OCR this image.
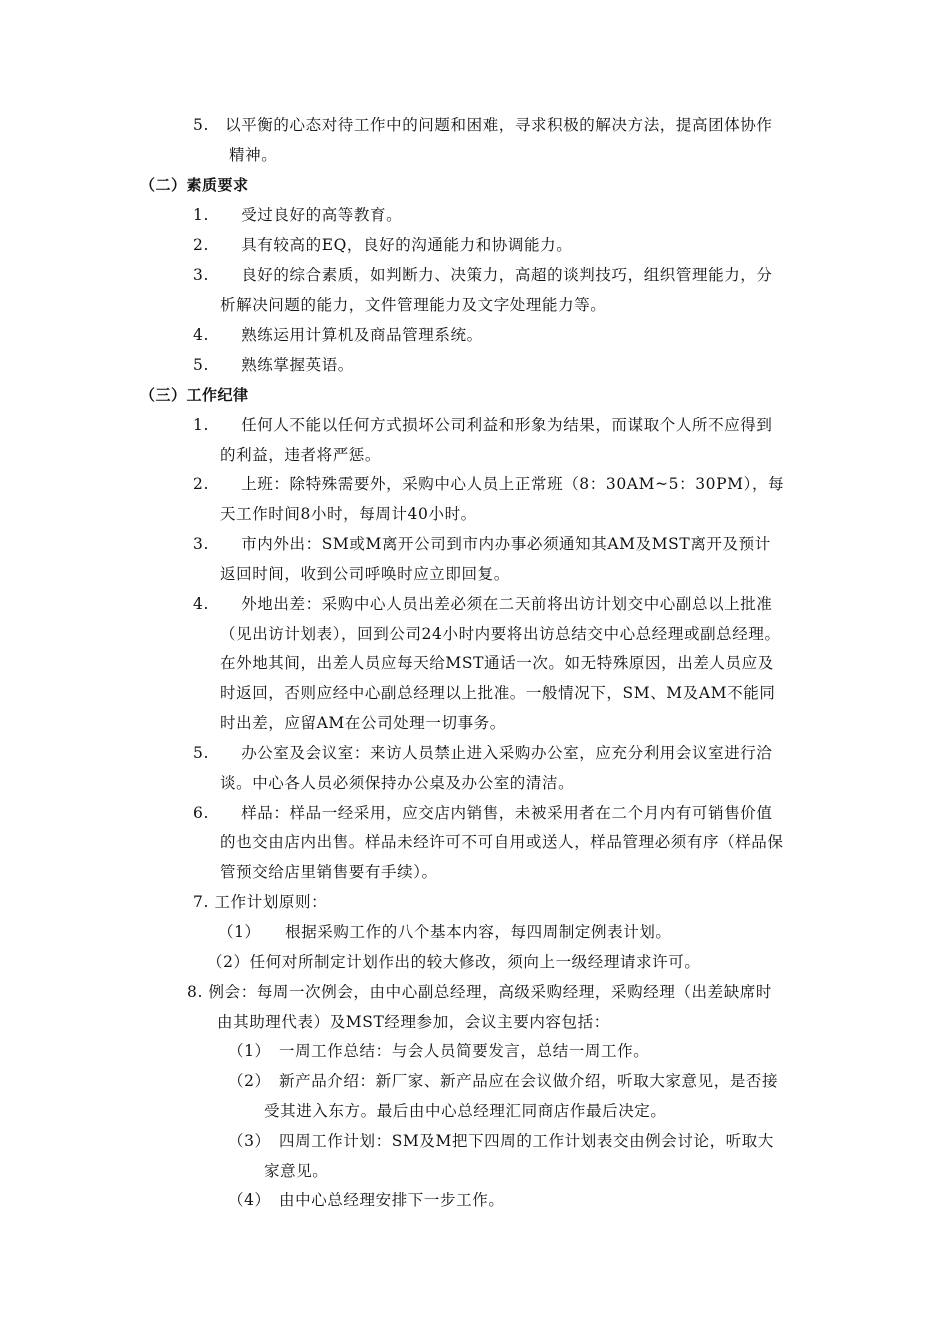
5.　以平衡的心态对待工作中的问题和困难，寻求积极的解决方法，提高团体协作
精神。
（二）素质要求
1.　　受过良好的高等教育。
2.　　具有较高的EQ，良好的沟通能力和协调能力。
3.　　良好的综合素质，如判断力、决策力，高超的谈判技巧，组织管理能力，分
析解决问题的能力，文件管理能力及文字处理能力等。
4.　　熟练运用计算机及商品管理系统。
5.　　熟练掌握英语。
（三）工作纪律
1.　　任何人不能以任何方式损坏公司利益和形象为结果，而谋取个人所不应得到
的利益，违者将严惩。
2.　　上班：除特殊需要外，采购中心人员上正常班（8：30AM~5：30PM），每
天工作时间8小时，每周计40小时。
3.　　市内外出：SM或M离开公司到市内办事必须通知其AM及MST离开及预计
返回时间，收到公司呼唤时应立即回复。
4.　　外地出差：采购中心人员出差必须在二天前将出访计划交中心副总以上批准
（见出访计划表），回到公司24小时内要将出访总结交中心总经理或副总经理。
在外地其间，出差人员应每天给MST通话一次。如无特殊原因，出差人员应及
时返回，否则应经中心副总经理以上批准。一般情况下，SM、M及AM不能同
时出差，应留AM在公司处理一切事务。
5.　　办公室及会议室：来访人员禁止进入采购办公室，应充分利用会议室进行洽
谈。中心各人员必须保持办公桌及办公室的清洁。
6.　　样品：样品一经采用，应交店内销售，未被采用者在二个月内有可销售价值
的也交由店内出售。样品未经许可不可自用或送人，样品管理必须有序（样品保
管预交给店里销售要有手续）。
7. 工作计划原则：
（1）　　根据采购工作的八个基本内容，每四周制定例表计划。
（2）任何对所制定计划作出的较大修改，须向上一级经理请求许可。
8. 例会：每周一次例会，由中心副总经理，高级采购经理，采购经理（出差缺席时
由其助理代表）及MST经理参加，会议主要内容包括：
（1）　一周工作总结：与会人员简要发言，总结一周工作。
（2）　新产品介绍：新厂家、新产品应在会议做介绍，听取大家意见，是否接
受其进入东方。最后由中心总经理汇同商店作最后决定。
（3）　四周工作计划：SM及M把下四周的工作计划表交由例会讨论，听取大
家意见。
（4）　由中心总经理安排下一步工作。
